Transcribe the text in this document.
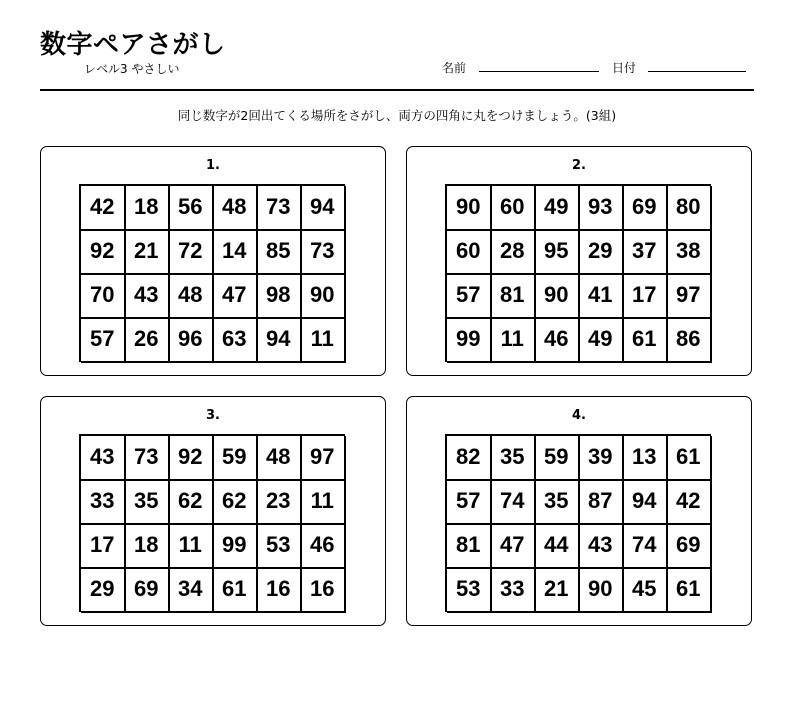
数字ペアさがし
レベル3 やさしい	名前	日付
同じ数字が2回出てくる場所をさがし、両方の四角に丸をつけましょう。(3組)
1.
42 18 56 48 73 94
92 21 72 14 85 73
70 43 48 47 98 90
57 26 96 63 94 11
2.
90 60 49 93 69 80
60 28 95 29 37 38
57 81 90 41 17 97
99 11 46 49 61 86
3.
43 73 92 59 48 97
33 35 62 62 23 11
17 18 11 99 53 46
29 69 34 61 16 16
4.
82 35 59 39 13 61
57 74 35 87 94 42
81 47 44 43 74 69
53 33 21 90 45 61
